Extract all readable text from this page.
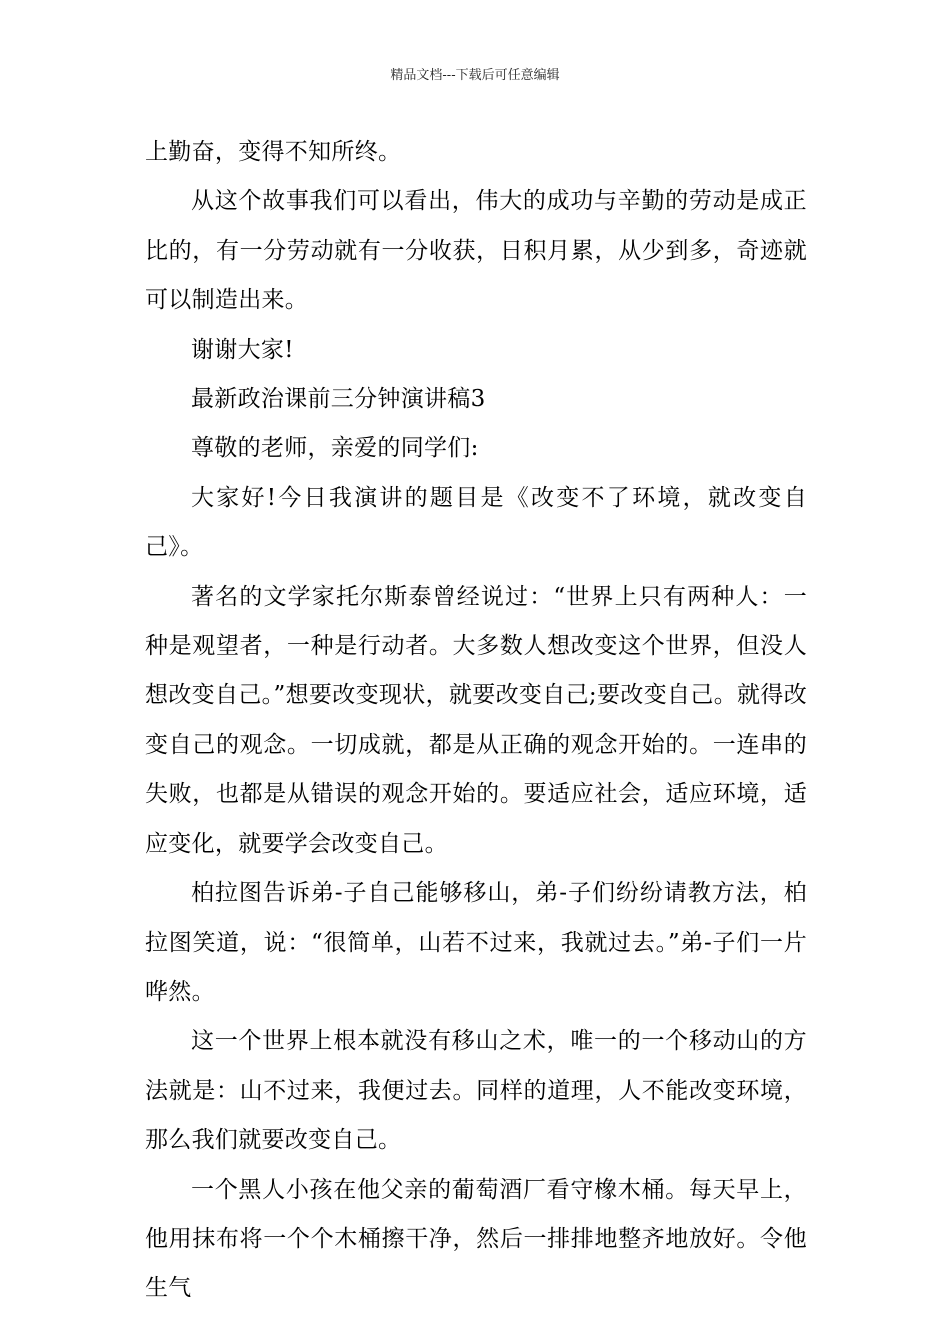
精品文档---下载后可任意编辑

上勤奋，变得不知所终。

从这个故事我们可以看出，伟大的成功与辛勤的劳动是成正比的，有一分劳动就有一分收获，日积月累，从少到多，奇迹就可以制造出来。

谢谢大家!

最新政治课前三分钟演讲稿3

尊敬的老师，亲爱的同学们:

大家好!今日我演讲的题目是《改变不了环境，就改变自己》。

著名的文学家托尔斯泰曾经说过：“世界上只有两种人：一种是观望者，一种是行动者。大多数人想改变这个世界，但没人想改变自己。”想要改变现状，就要改变自己;要改变自己。就得改变自己的观念。一切成就，都是从正确的观念开始的。一连串的失败，也都是从错误的观念开始的。要适应社会，适应环境，适应变化，就要学会改变自己。

柏拉图告诉弟-子自己能够移山，弟-子们纷纷请教方法，柏拉图笑道，说：“很简单，山若不过来，我就过去。”弟-子们一片哗然。

这一个世界上根本就没有移山之术，唯一的一个移动山的方法就是：山不过来，我便过去。同样的道理，人不能改变环境，那么我们就要改变自己。

一个黑人小孩在他父亲的葡萄酒厂看守橡木桶。每天早上，他用抹布将一个个木桶擦干净，然后一排排地整齐地放好。令他生气
